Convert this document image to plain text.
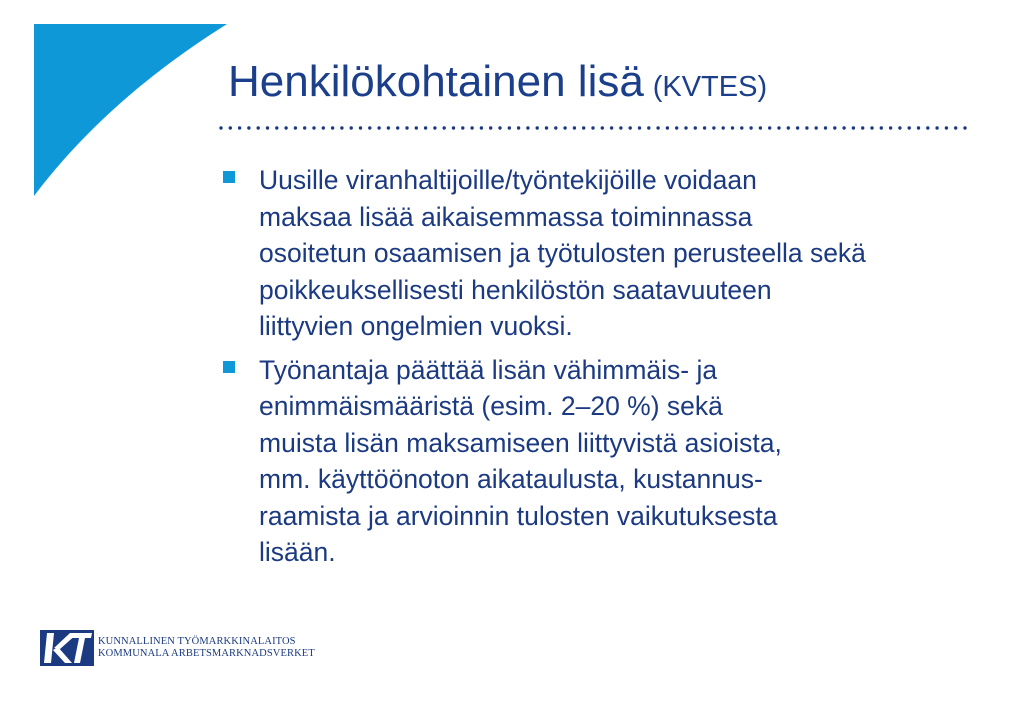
Henkilökohtainen lisä (KVTES)
Uusille viranhaltijoille/työntekijöille voidaan
maksaa lisää aikaisemmassa toiminnassa
osoitetun osaamisen ja työtulosten perusteella sekä
poikkeuksellisesti henkilöstön saatavuuteen
liittyvien ongelmien vuoksi.
Työnantaja päättää lisän vähimmäis- ja
enimmäismääristä (esim. 2–20 %) sekä
muista lisän maksamiseen liittyvistä asioista,
mm. käyttöönoton aikataulusta, kustannus-
raamista ja arvioinnin tulosten vaikutuksesta
lisään.
KUNNALLINEN TYÖMARKKINALAITOS
KOMMUNALA ARBETSMARKNADSVERKET
